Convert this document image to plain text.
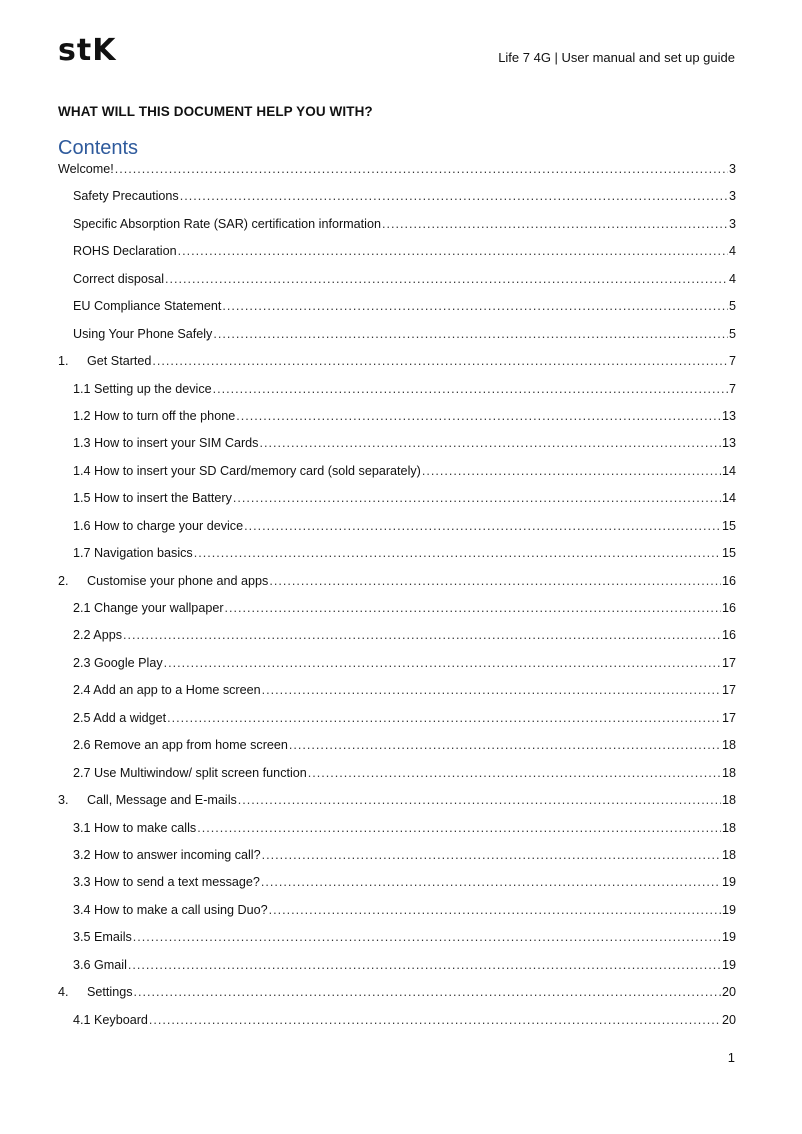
stK	Life 7 4G | User manual and set up guide
WHAT WILL THIS DOCUMENT HELP YOU WITH?
Contents
Welcome! .....	3
Safety Precautions .....	3
Specific Absorption Rate (SAR) certification information .....	3
ROHS Declaration .....	4
Correct disposal .....	4
EU Compliance Statement .....	5
Using Your Phone Safely .....	5
1.	Get Started .....	7
1.1 Setting up the device .....	7
1.2 How to turn off the phone .....	13
1.3 How to insert your SIM Cards .....	13
1.4 How to insert your SD Card/memory card (sold separately) .....	14
1.5 How to insert the Battery .....	14
1.6 How to charge your device .....	15
1.7 Navigation basics .....	15
2.	Customise your phone and apps .....	16
2.1 Change your wallpaper .....	16
2.2 Apps .....	16
2.3 Google Play .....	17
2.4 Add an app to a Home screen .....	17
2.5 Add a widget .....	17
2.6 Remove an app from home screen .....	18
2.7 Use Multiwindow/ split screen function .....	18
3.	Call, Message and E-mails .....	18
3.1 How to make calls .....	18
3.2 How to answer incoming call? .....	18
3.3 How to send a text message? .....	19
3.4 How to make a call using Duo? .....	19
3.5 Emails .....	19
3.6 Gmail .....	19
4.	Settings .....	20
4.1 Keyboard .....	20
1
